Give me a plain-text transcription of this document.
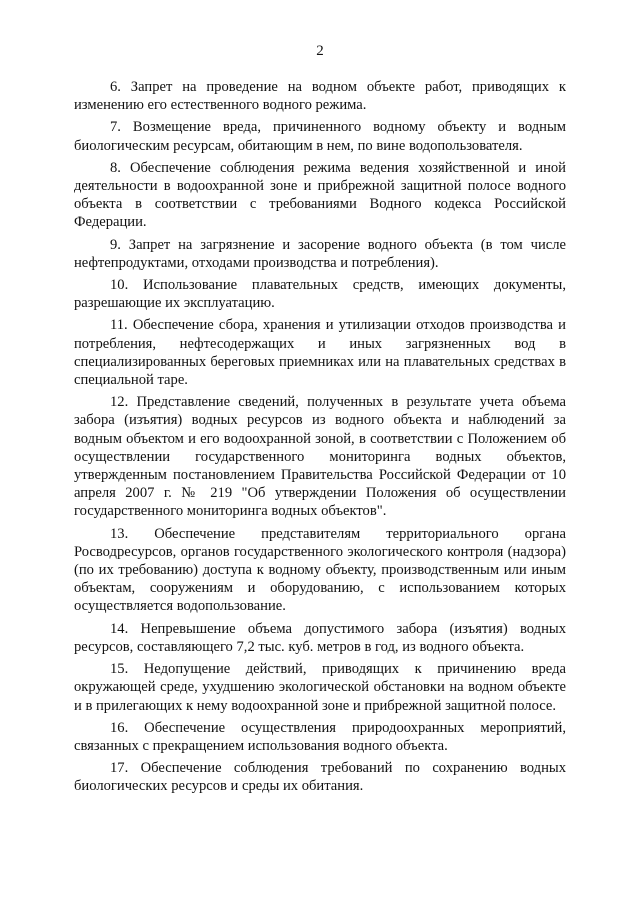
2

6. Запрет на проведение на водном объекте работ, приводящих к изменению его естественного водного режима.

7. Возмещение вреда, причиненного водному объекту и водным биологическим ресурсам, обитающим в нем, по вине водопользователя.

8. Обеспечение соблюдения режима ведения хозяйственной и иной деятельности в водоохранной зоне и прибрежной защитной полосе водного объекта в соответствии с требованиями Водного кодекса Российской Федерации.

9. Запрет на загрязнение и засорение водного объекта (в том числе нефтепродуктами, отходами производства и потребления).

10. Использование плавательных средств, имеющих документы, разрешающие их эксплуатацию.

11. Обеспечение сбора, хранения и утилизации отходов производства и потребления, нефтесодержащих и иных загрязненных вод в специализированных береговых приемниках или на плавательных средствах в специальной таре.

12. Представление сведений, полученных в результате учета объема забора (изъятия) водных ресурсов из водного объекта и наблюдений за водным объектом и его водоохранной зоной, в соответствии с Положением об осуществлении государственного мониторинга водных объектов, утвержденным постановлением Правительства Российской Федерации от 10 апреля 2007 г. № 219 "Об утверждении Положения об осуществлении государственного мониторинга водных объектов".

13. Обеспечение представителям территориального органа Росводресурсов, органов государственного экологического контроля (надзора) (по их требованию) доступа к водному объекту, производственным или иным объектам, сооружениям и оборудованию, с использованием которых осуществляется водопользование.

14. Непревышение объема допустимого забора (изъятия) водных ресурсов, составляющего 7,2 тыс. куб. метров в год, из водного объекта.

15. Недопущение действий, приводящих к причинению вреда окружающей среде, ухудшению экологической обстановки на водном объекте и в прилегающих к нему водоохранной зоне и прибрежной защитной полосе.

16. Обеспечение осуществления природоохранных мероприятий, связанных с прекращением использования водного объекта.

17. Обеспечение соблюдения требований по сохранению водных биологических ресурсов и среды их обитания.
